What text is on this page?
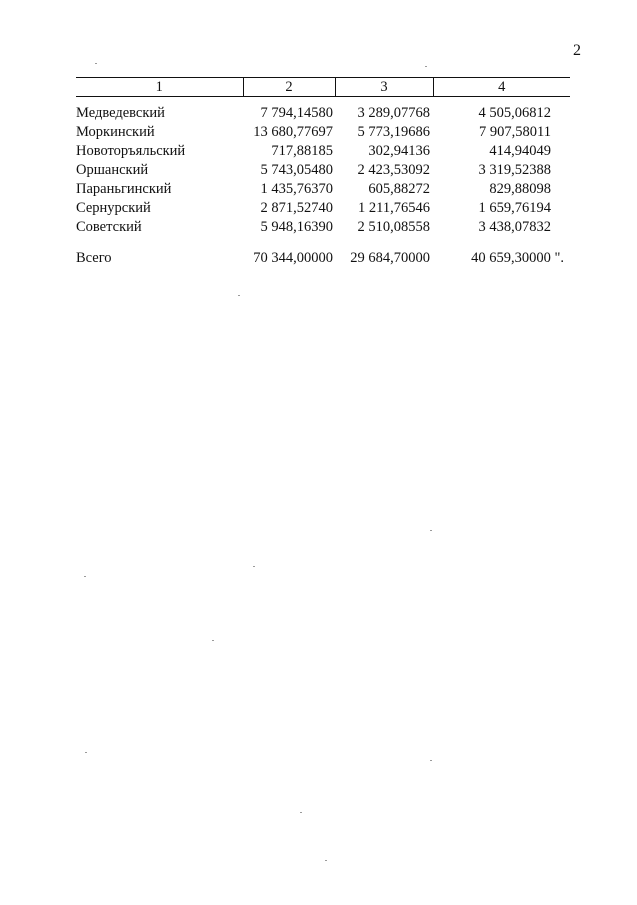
2
1	2	3	4
Медведевский	7 794,14580	3 289,07768	4 505,06812
Моркинский	13 680,77697	5 773,19686	7 907,58011
Новоторъяльский	717,88185	302,94136	414,94049
Оршанский	5 743,05480	2 423,53092	3 319,52388
Параньгинский	1 435,76370	605,88272	829,88098
Сернурский	2 871,52740	1 211,76546	1 659,76194
Советский	5 948,16390	2 510,08558	3 438,07832
Всего	70 344,00000	29 684,70000	40 659,30000 ".
